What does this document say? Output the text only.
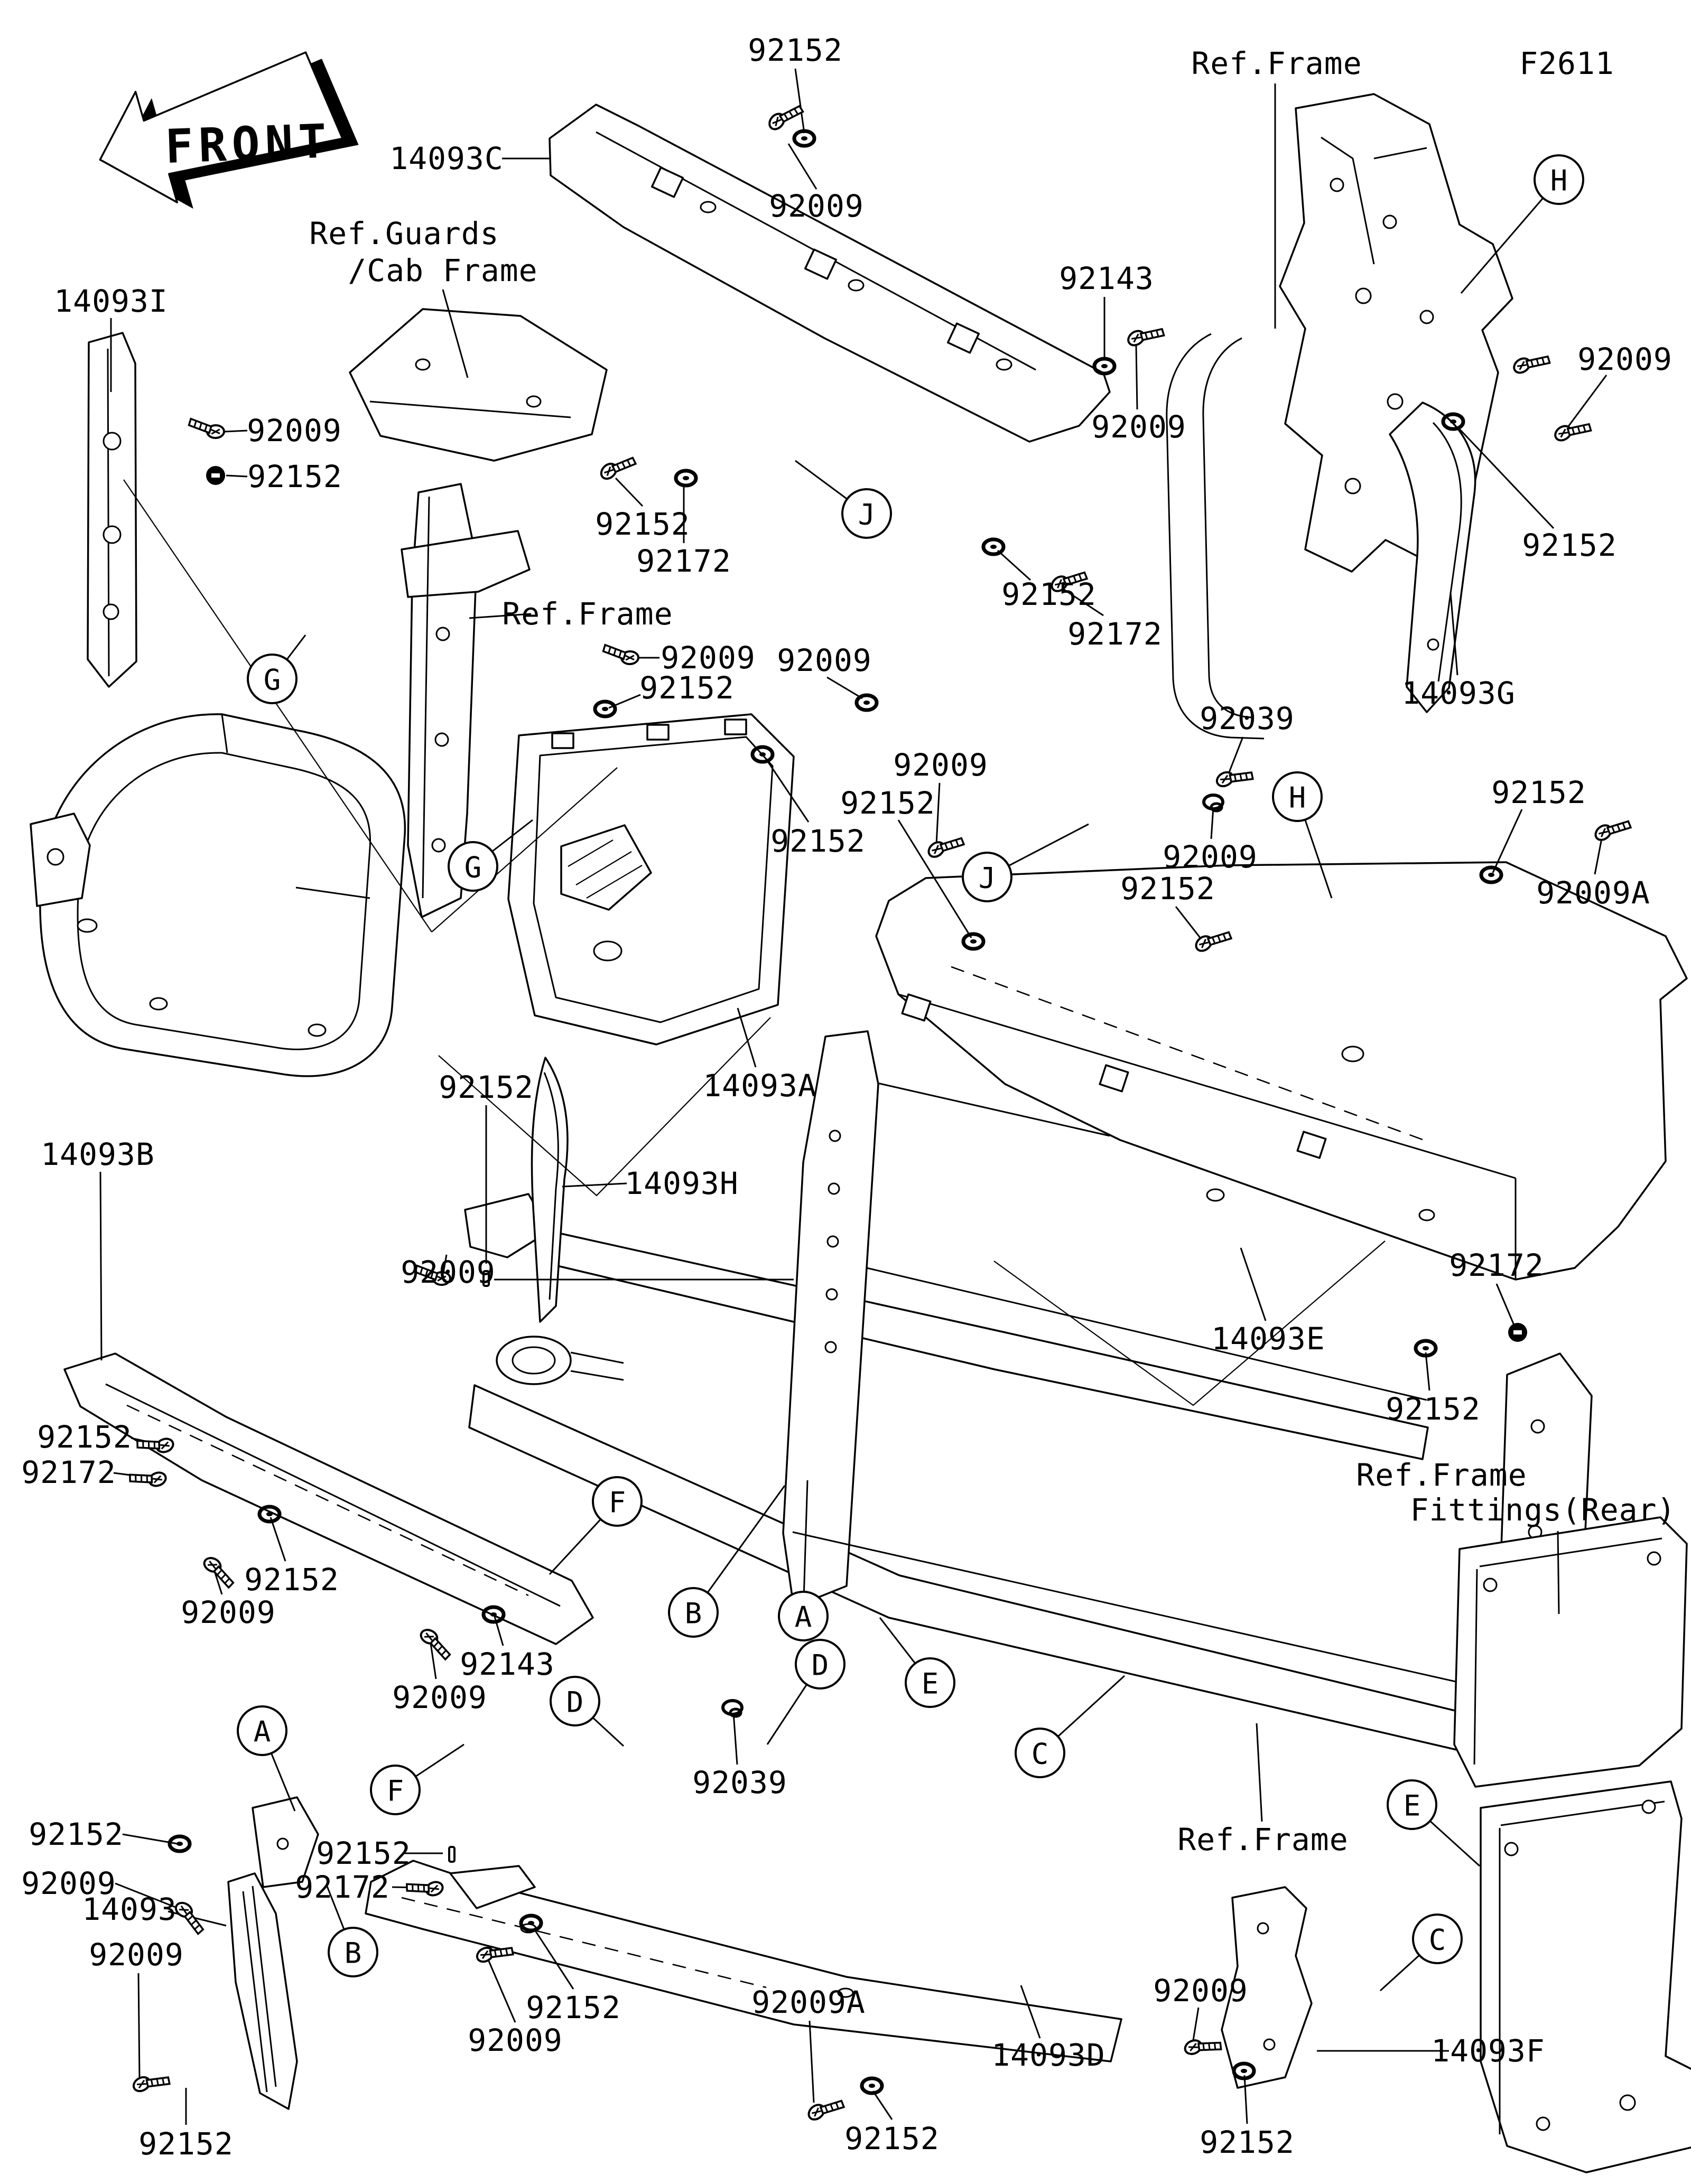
FRONT
F2611
92152	Ref.Frame
14093C
92009
Ref.Guards
/Cab Frame	92143
14093I
92009
92009
92009
92152
92152
92172
92152
92172
92152
Ref.Frame
92009 92009
92152	14093G
92039
92009
92152
92152
92152
92009
92152	92009A
14093A
92152
14093B
14093H
92009	92172
14093E
92152
92152
92172	Ref.Frame
Fittings(Rear)
92152
92009
92143
92009
92039
Ref.Frame
92152
92152
92172
92009
14093
92009
92152	92009A
92009	14093D
92009
14093F
92152	92152	92152
H
H
J
J
G
G
F
B	A
D
E
C
D
A
F
B
E
C
